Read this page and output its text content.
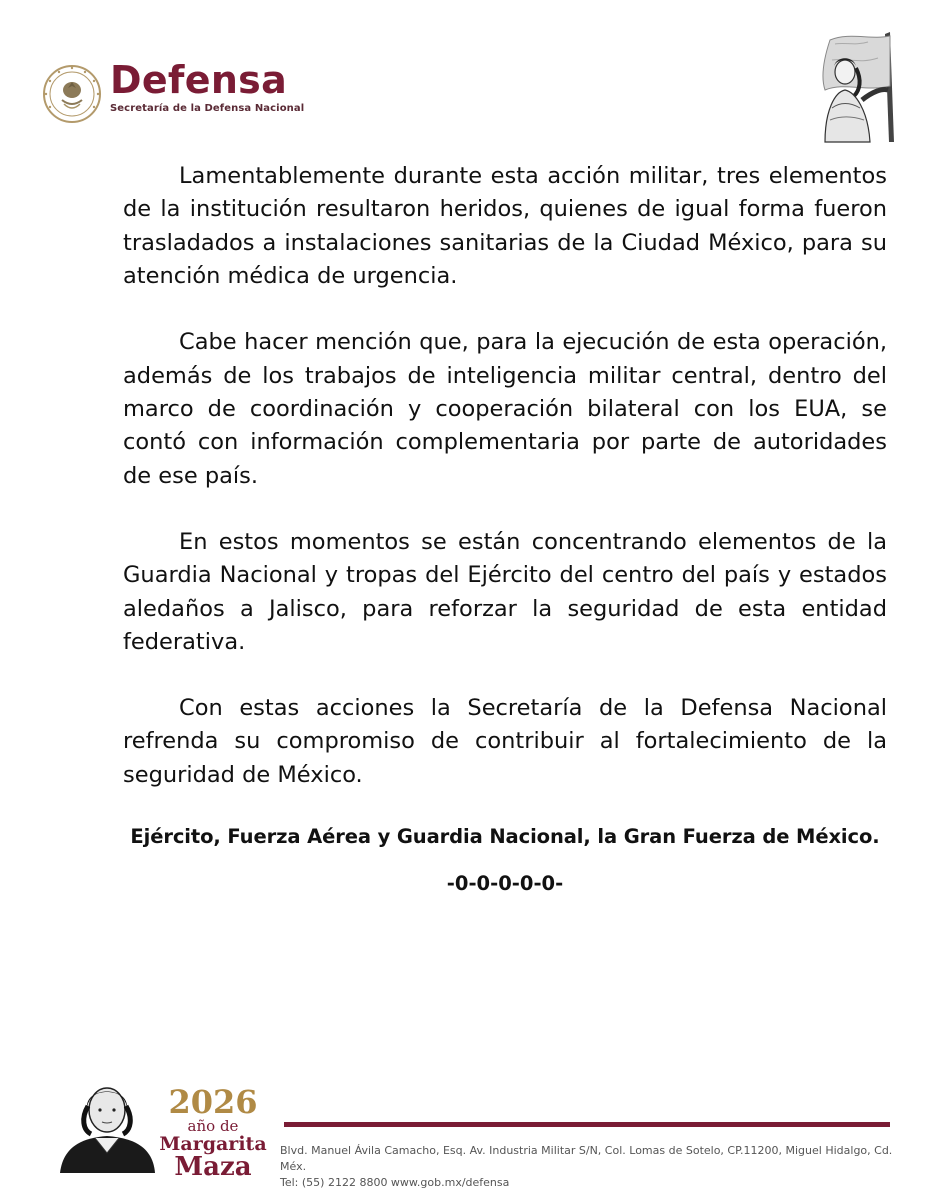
Defensa
Secretaría de la Defensa Nacional

Lamentablemente durante esta acción militar, tres elementos de la institución resultaron heridos, quienes de igual forma fueron trasladados a instalaciones sanitarias de la Ciudad México, para su atención médica de urgencia.

Cabe hacer mención que, para la ejecución de esta operación, además de los trabajos de inteligencia militar central, dentro del marco de coordinación y cooperación bilateral con los EUA, se contó con información complementaria por parte de autoridades de ese país.

En estos momentos se están concentrando elementos de la Guardia Nacional y tropas del Ejército del centro del país y estados aledaños a Jalisco, para reforzar la seguridad de esta entidad federativa.

Con estas acciones la Secretaría de la Defensa Nacional refrenda su compromiso de contribuir al fortalecimiento de la seguridad de México.

Ejército, Fuerza Aérea y Guardia Nacional, la Gran Fuerza de México.
-0-0-0-0-0-
2026
año de
Margarita
Maza
Blvd. Manuel Ávila Camacho, Esq. Av. Industria Militar S/N, Col. Lomas de Sotelo, CP.11200, Miguel Hidalgo, Cd. Méx.
Tel: (55) 2122 8800 www.gob.mx/defensa
